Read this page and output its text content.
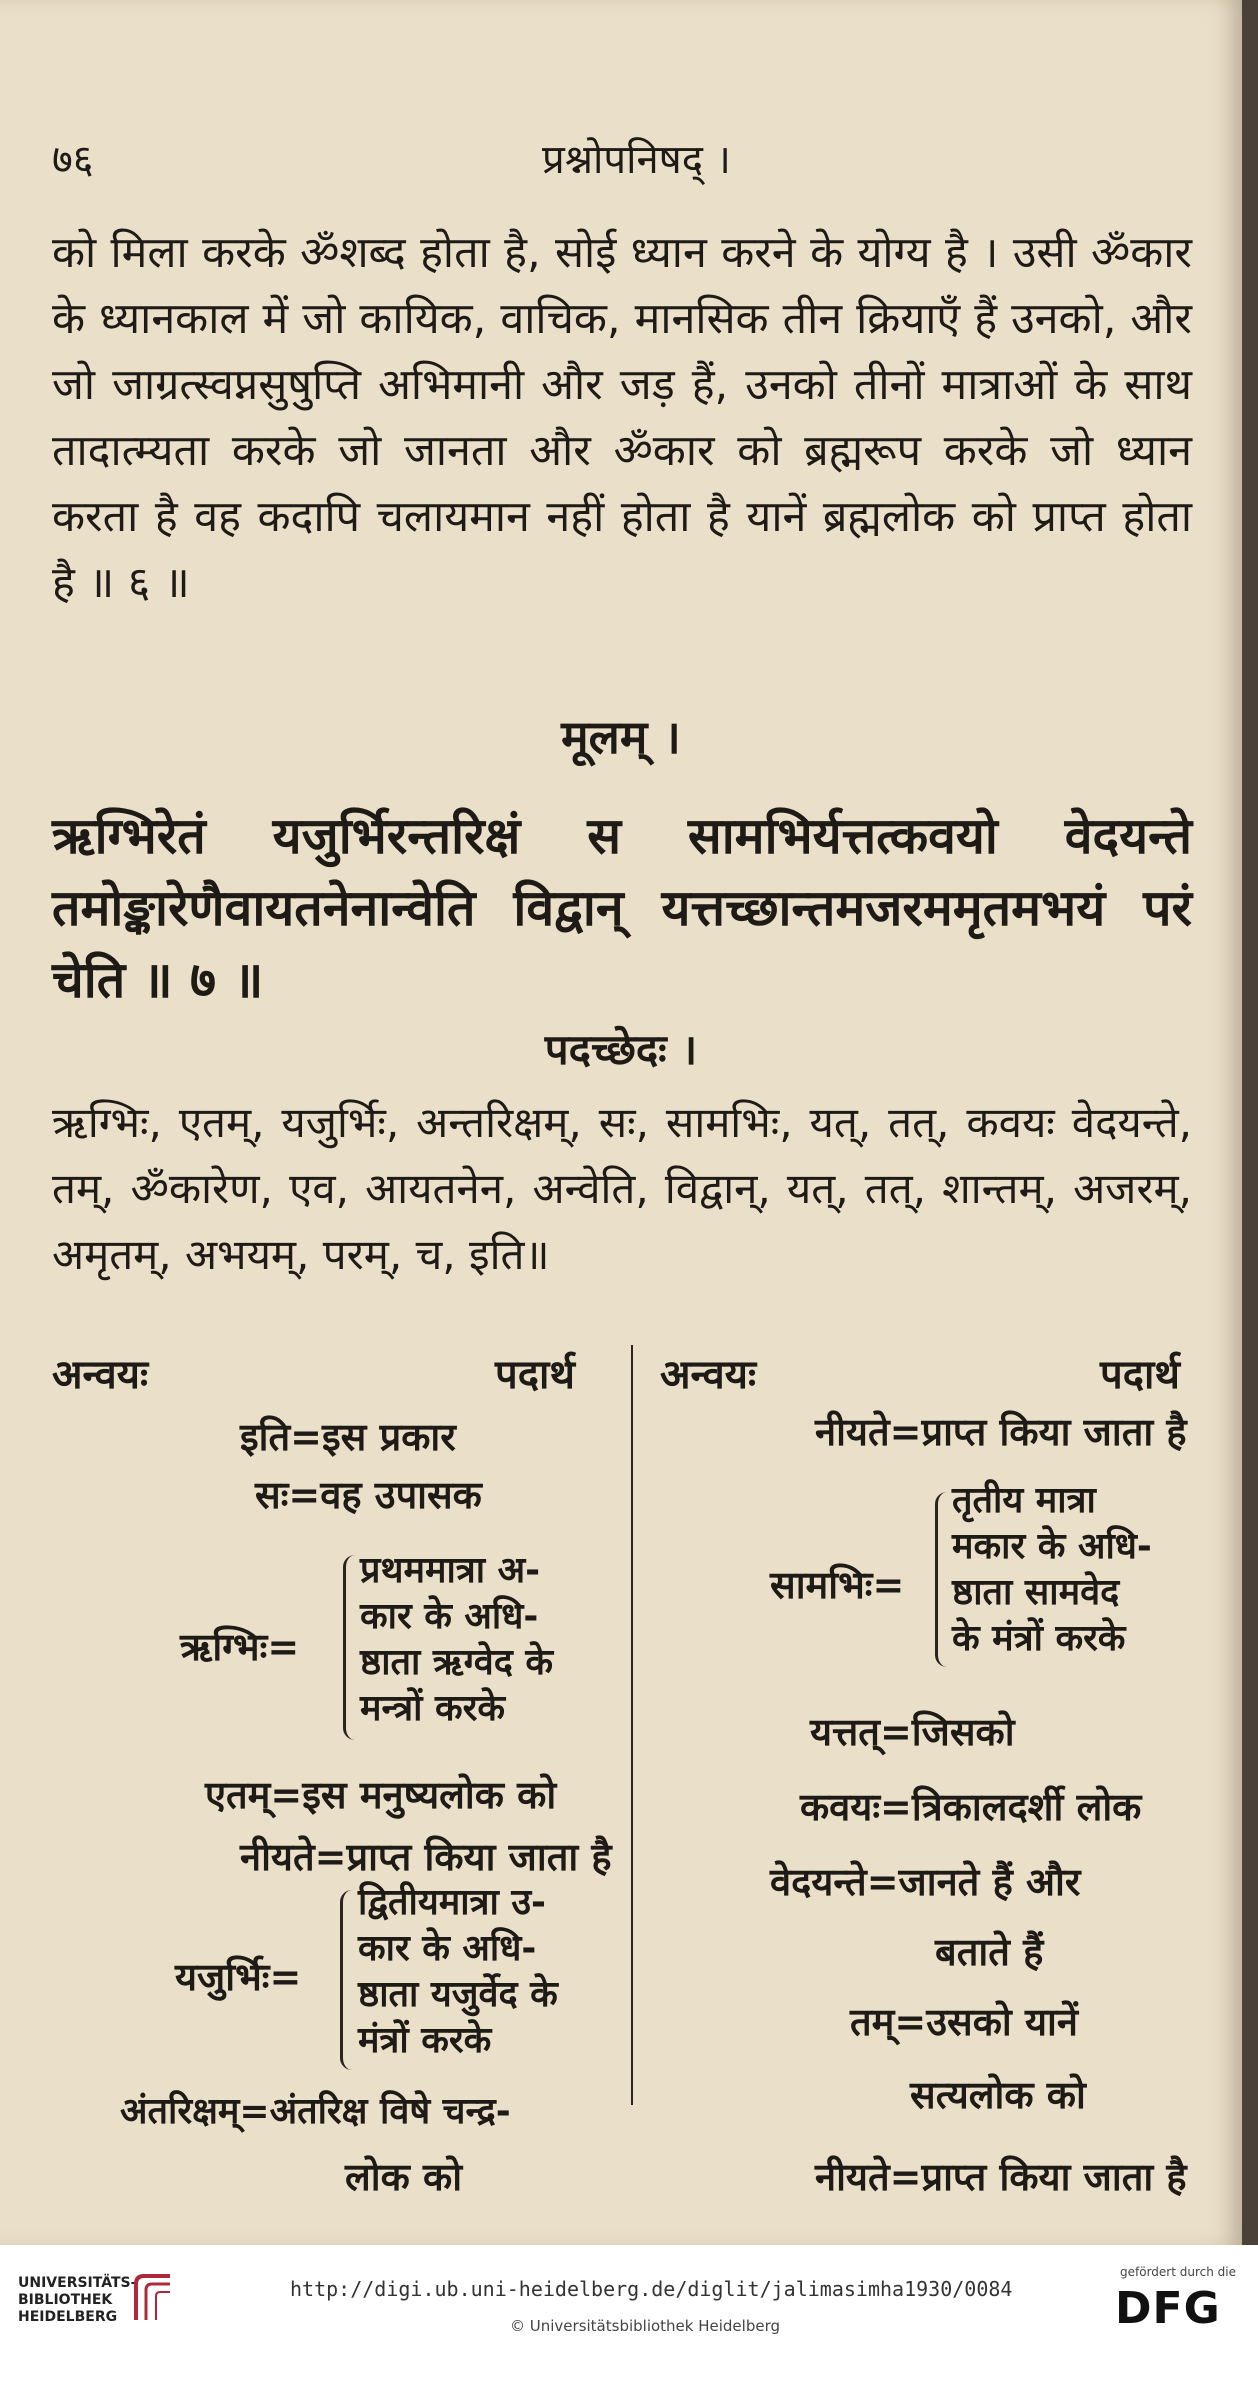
७६	प्रश्नोपनिषद् ।
को मिला करके ॐशब्द होता है, सोई ध्यान करने के योग्य है । उसी ॐकार के ध्यानकाल में जो कायिक, वाचिक, मानसिक तीन क्रियाएँ हैं उनको, और जो जाग्रत्स्वप्नसुषुप्ति अभिमानी और जड़ हैं, उनको तीनों मात्राओं के साथ तादात्म्यता करके जो जानता और ॐकार को ब्रह्मरूप करके जो ध्यान करता है वह कदापि चलायमान नहीं होता है यानें ब्रह्मलोक को प्राप्त होता है ॥ ६ ॥
मूलम् ।
ऋग्भिरेतं यजुर्भिरन्तरिक्षं स सामभिर्यत्तत्कवयो वेदयन्ते तमोङ्कारेणैवायतनेनान्वेति विद्वान् यत्तच्छान्तमजरममृतमभयं परं चेति ॥ ७ ॥
पदच्छेदः ।
ऋग्भिः, एतम्, यजुर्भिः, अन्तरिक्षम्, सः, सामभिः, यत्, तत्, कवयः वेदयन्ते, तम्, ॐकारेण, एव, आयतनेन, अन्वेति, विद्वान्, यत्, तत्, शान्तम्, अजरम्, अमृतम्, अभयम्, परम्, च, इति॥
अन्वयः	पदार्थ
इति=इस प्रकार
सः=वह उपासक
ऋग्भिः=
प्रथममात्रा अ-
कार के अधि-
ष्ठाता ऋग्वेद के
मन्त्रों करके
एतम्=इस मनुष्यलोक को
नीयते=प्राप्त किया जाता है
यजुर्भिः=
द्वितीयमात्रा उ-
कार के अधि-
ष्ठाता यजुर्वेद के
मंत्रों करके
अंतरिक्षम्=अंतरिक्ष विषे चन्द्र-
लोक को
अन्वयः	पदार्थ
नीयते=प्राप्त किया जाता है
सामभिः=
तृतीय मात्रा
मकार के अधि-
ष्ठाता सामवेद
के मंत्रों करके
यत्तत्=जिसको
कवयः=त्रिकालदर्शी लोक
वेदयन्ते=जानते हैं और
बताते हैं
तम्=उसको यानें
सत्यलोक को
नीयते=प्राप्त किया जाता है
UNIVERSITÄTS-
BIBLIOTHEK
HEIDELBERG
http://digi.ub.uni-heidelberg.de/diglit/jalimasimha1930/0084
© Universitätsbibliothek Heidelberg
gefördert durch die
DFG
